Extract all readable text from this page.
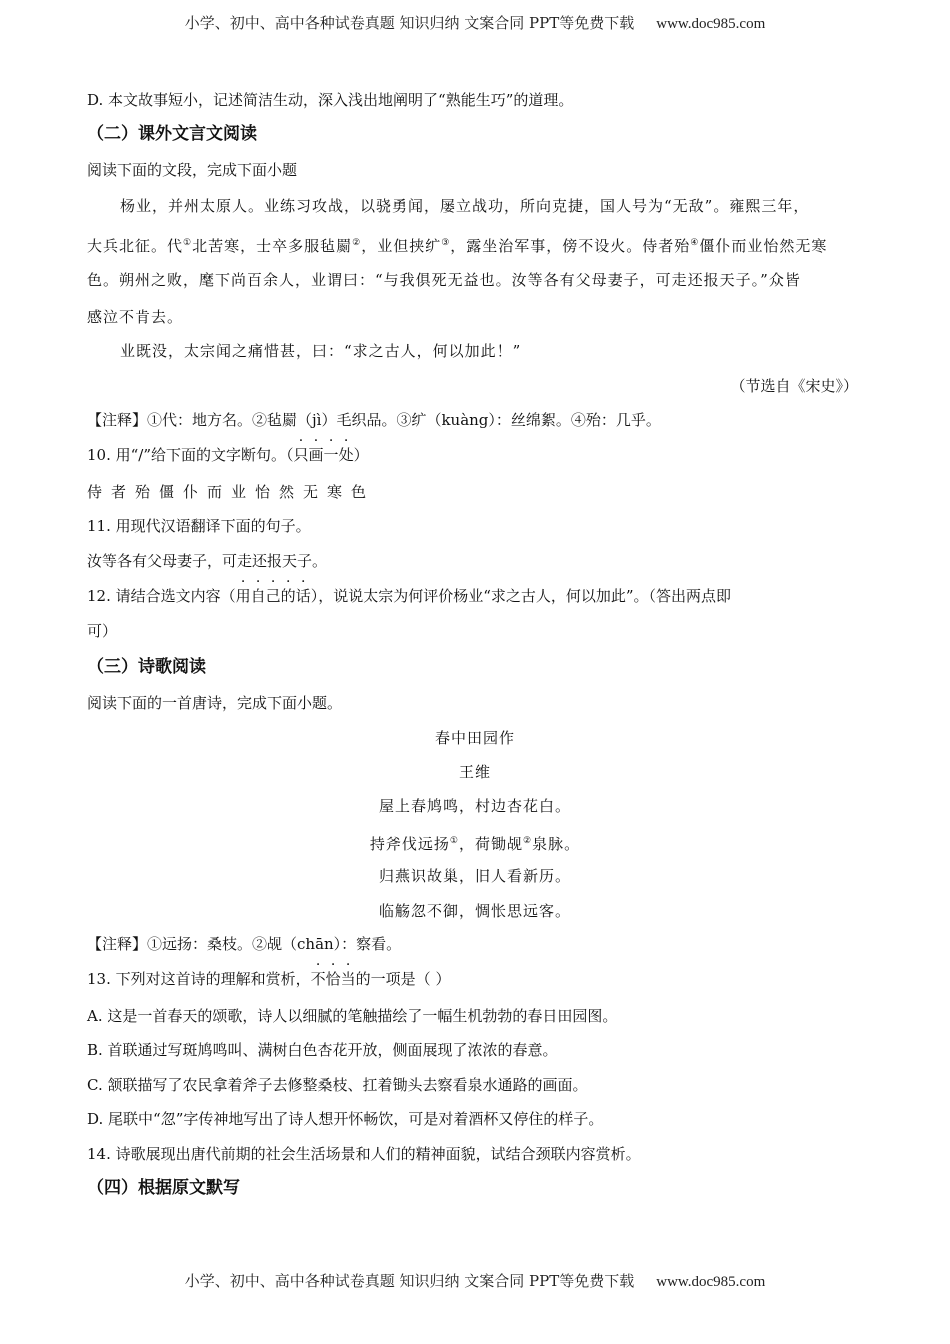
小学、初中、高中各种试卷真题 知识归纳 文案合同 PPT等免费下载 www.doc985.com
D. 本文故事短小，记述简洁生动，深入浅出地阐明了“熟能生巧”的道理。
（二）课外文言文阅读
阅读下面的文段，完成下面小题
杨业，并州太原人。业练习攻战，以骁勇闻，屡立战功，所向克捷，国人号为“无敌”。雍熙三年，
大兵北征。代①北苦寒，士卒多服毡罽②，业但挟纩③，露坐治军事，傍不设火。侍者殆④僵仆而业怡然无寒
色。朔州之败，麾下尚百余人，业谓曰：“与我俱死无益也。汝等各有父母妻子，可走还报天子。”众皆
感泣不肯去。
业既没，太宗闻之痛惜甚，曰：“求之古人，何以加此！”
（节选自《宋史》）
【注释】①代：地方名。②毡罽（jì）毛织品。③纩（kuàng）：丝绵絮。④殆：几乎。
10. 用“/”给下面的文字断句。（只画一处）
侍者殆僵仆而业怡然无寒色
11. 用现代汉语翻译下面的句子。
汝等各有父母妻子，可走还报天子。
12. 请结合选文内容（用自己的话），说说太宗为何评价杨业“求之古人，何以加此”。（答出两点即
可）
（三）诗歌阅读
阅读下面的一首唐诗，完成下面小题。
春中田园作
王维
屋上春鸠鸣，村边杏花白。
持斧伐远扬①，荷锄觇②泉脉。
归燕识故巢，旧人看新历。
临觞忽不御，惆怅思远客。
【注释】①远扬：桑枝。②觇（chān）：察看。
13. 下列对这首诗的理解和赏析，不恰当的一项是（ ）
A. 这是一首春天的颂歌，诗人以细腻的笔触描绘了一幅生机勃勃的春日田园图。
B. 首联通过写斑鸠鸣叫、满树白色杏花开放，侧面展现了浓浓的春意。
C. 颔联描写了农民拿着斧子去修整桑枝、扛着锄头去察看泉水通路的画面。
D. 尾联中“忽”字传神地写出了诗人想开怀畅饮，可是对着酒杯又停住的样子。
14. 诗歌展现出唐代前期的社会生活场景和人们的精神面貌，试结合颈联内容赏析。
（四）根据原文默写
小学、初中、高中各种试卷真题 知识归纳 文案合同 PPT等免费下载 www.doc985.com
